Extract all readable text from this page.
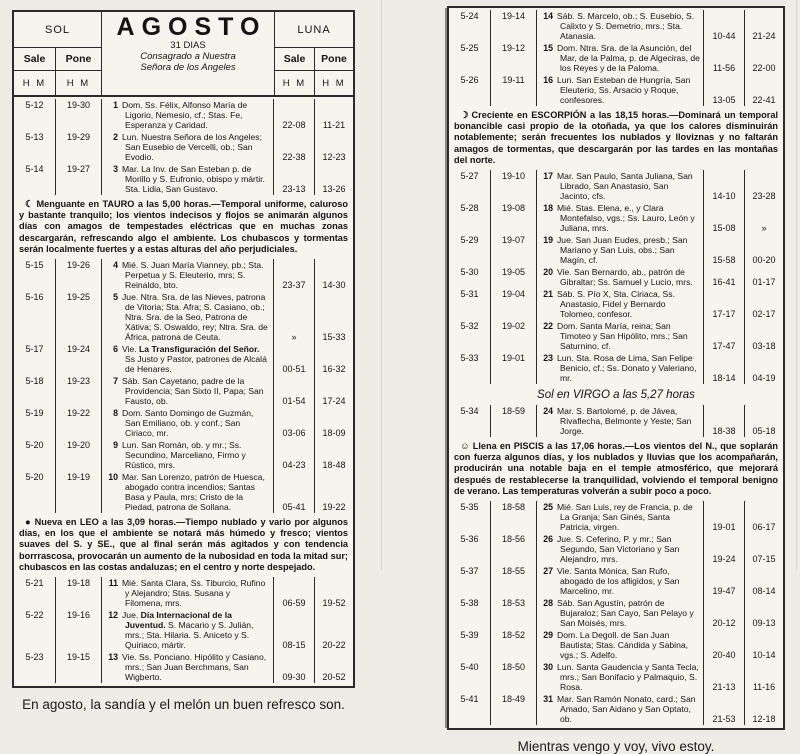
SOL	LUNA
AGOSTO
31 DIAS
Consagrado a Nuestra
Señora de los Angeles
Sale	Pone	Sale	Pone
H M	H M	H M	H M
5-12	19-30	1 Dom. Ss. Félix, Alfonso María de Ligorio, Nemesio, cf.; Stas. Fe, Esperanza y Caridad.	22-08	11-21
5-13	19-29	2 Lun. Nuestra Señora de los Angeles; San Eusebio de Vercelli, ob.; San Evodio.	22-38	12-23
5-14	19-27	3 Mar. La Inv. de San Esteban p. de Morillo y S. Eufronio, obispo y mártir. Sta. Lidia, San Gustavo.	23-13	13-26
☾ Menguante en TAURO a las 5,00 horas.—Temporal uniforme, caluroso y bastante tranquilo; los vientos indecisos y flojos se animarán algunos días con amagos de tempestades eléctricas que en muchas zonas descargarán, refrescando algo el ambiente. Los chubascos y tormentas serán localmente fuertes y a estas alturas del año perjudiciales.
5-15	19-26	4 Mié. S. Juan María Vianney, pb.; Sta. Perpetua y S. Eleuterio, mrs; S. Reinaldo, bto.	23-37	14-30
5-16	19-25	5 Jue. Ntra. Sra. de las Nieves, patrona de Vitoria; Sta. Afra; S. Casiano, ob.; Ntra. Sra. de la Seo, Patrona de Xátiva; S. Oswaldo, rey; Ntra. Sra. de África, patrona de Ceuta.	»	15-33
5-17	19-24	6 Vie. La Transfiguración del Señor. Ss Justo y Pastor, patrones de Alcalá de Henares.	00-51	16-32
5-18	19-23	7 Sáb. San Cayetano, padre de la Providencia; San Sixto II, Papa; San Fausto, ob.	01-54	17-24
5-19	19-22	8 Dom. Santo Domingo de Guzmán, San Emiliano, ob. y conf.; San Ciriaco, mr.	03-06	18-09
5-20	19-20	9 Lun. San Román, ob. y mr.; Ss. Secundino, Marceliano, Firmo y Rústico, mrs.	04-23	18-48
5-20	19-19	10 Mar. San Lorenzo, patrón de Huesca, abogado contra incendios; Santas Basa y Paula, mrs; Cristo de la Piedad, patrona de Sollana.	05-41	19-22
● Nueva en LEO a las 3,09 horas.—Tiempo nublado y vario por algunos días, en los que el ambiente se notará más húmedo y fresco; vientos suaves del S. y SE., que al final serán más agitados y con tendencia borrrascosa, provocarán un aumento de la nubosidad en toda la mitad sur; chubascos en las costas andaluzas; en el centro y norte despejado.
5-21	19-18	11 Mié. Santa Clara, Ss. Tiburcio, Rufino y Alejandro; Stas. Susana y Filomena, mrs.	06-59	19-52
5-22	19-16	12 Jue. Día Internacional de la Juventud. S. Macario y S. Julián, mrs.; Sta. Hilaria. S. Aniceto y S. Quiriaco, mártir.	08-15	20-22
5-23	19-15	13 Vie. Ss. Ponciano. Hipólito y Casiano, mrs.; San Juan Berchmans, San Wigberto.	09-30	20-52
En agosto, la sandía y el melón un buen refresco son.
5-24	19-14	14 Sáb. S. Marcelo, ob.; S. Eusebio, S. Calixto y S. Demetrio, mrs.; Sta. Atanasia.	10-44	21-24
5-25	19-12	15 Dom. Ntra. Sra. de la Asunción, del Mar, de la Palma, p. de Algeciras, de los Reyes y de la Paloma.	11-56	22-00
5-26	19-11	16 Lun. San Esteban de Hungría, San Eleuterio, Ss. Arsacio y Roque, confesores.	13-05	22-41
☽ Creciente en ESCORPIÓN a las 18,15 horas.—Dominará un temporal bonancible casi propio de la otoñada, ya que los calores disminuirán notablemente; serán frecuentes los nublados y lloviznas y no faltarán amagos de tormentas, que descargarán por las tardes en las montañas del norte.
5-27	19-10	17 Mar. San Paulo, Santa Juliana, San Librado, San Anastasio, San Jacinto, cfs.	14-10	23-28
5-28	19-08	18 Mié. Stas. Elena, e., y Clara Montefalso, vgs.; Ss. Lauro, León y Juliana, mrs.	15-08	»
5-29	19-07	19 Jue. San Juan Eudes, presb.; San Mariano y San Luis, obs.; San Magín, cf.	15-58	00-20
5-30	19-05	20 Vie. San Bernardo, ab., patrón de Gibraltar; Ss. Samuel y Lucio, mrs.	16-41	01-17
5-31	19-04	21 Sáb. S. Pío X, Sta. Ciriaca, Ss. Anastasio, Fidel y Bernardo Tolomeo, confesor.	17-17	02-17
5-32	19-02	22 Dom. Santa María, reina; San Timoteo y San Hipólito, mrs.; San Saturnino, cf.	17-47	03-18
5-33	19-01	23 Lun. Sta. Rosa de Lima, San Felipe Benicio, cf.; Ss. Donato y Valeriano, mr.	18-14	04-19
Sol en VIRGO a las 5,27 horas
5-34	18-59	24 Mar. S. Bartolomé, p. de Jávea, Rivaflecha, Belmonte y Yeste; San Jorge.	18-38	05-18
☺ Llena en PISCIS a las 17,06 horas.—Los vientos del N., que soplarán con fuerza algunos días, y los nublados y lluvias que los acompañarán, producirán una notable baja en el temple atmosférico, que mejorará después de restablecerse la tranquilidad, volviendo el temporal benigno de verano. Las temperaturas volverán a subir poco a poco.
5-35	18-58	25 Mié. San Luis, rey de Francia, p. de La Granja; San Ginés, Santa Patricia, virgen.	19-01	06-17
5-36	18-56	26 Jue. S. Ceferino, P. y mr.; San Segundo, San Victoriano y San Alejandro, mrs.	19-24	07-15
5-37	18-55	27 Vie. Santa Mónica, San Rufo, abogado de los afligidos, y San Marcelino, mr.	19-47	08-14
5-38	18-53	28 Sáb. San Agustín, patrón de Bujaraloz; San Cayo, San Pelayo y San Moisés, mrs.	20-12	09-13
5-39	18-52	29 Dom. La Degoll. de San Juan Bautista; Stas. Cándida y Sabina, vgs.; S. Adelfo.	20-40	10-14
5-40	18-50	30 Lun. Santa Gaudencia y Santa Tecla, mrs.; San Bonifacio y Palmaquio, S. Rosa.	21-13	11-16
5-41	18-49	31 Mar. San Ramón Nonato, card.; San Amado, San Aidano y San Optato, ob.	21-53	12-18
Mientras vengo y voy, vivo estoy.
